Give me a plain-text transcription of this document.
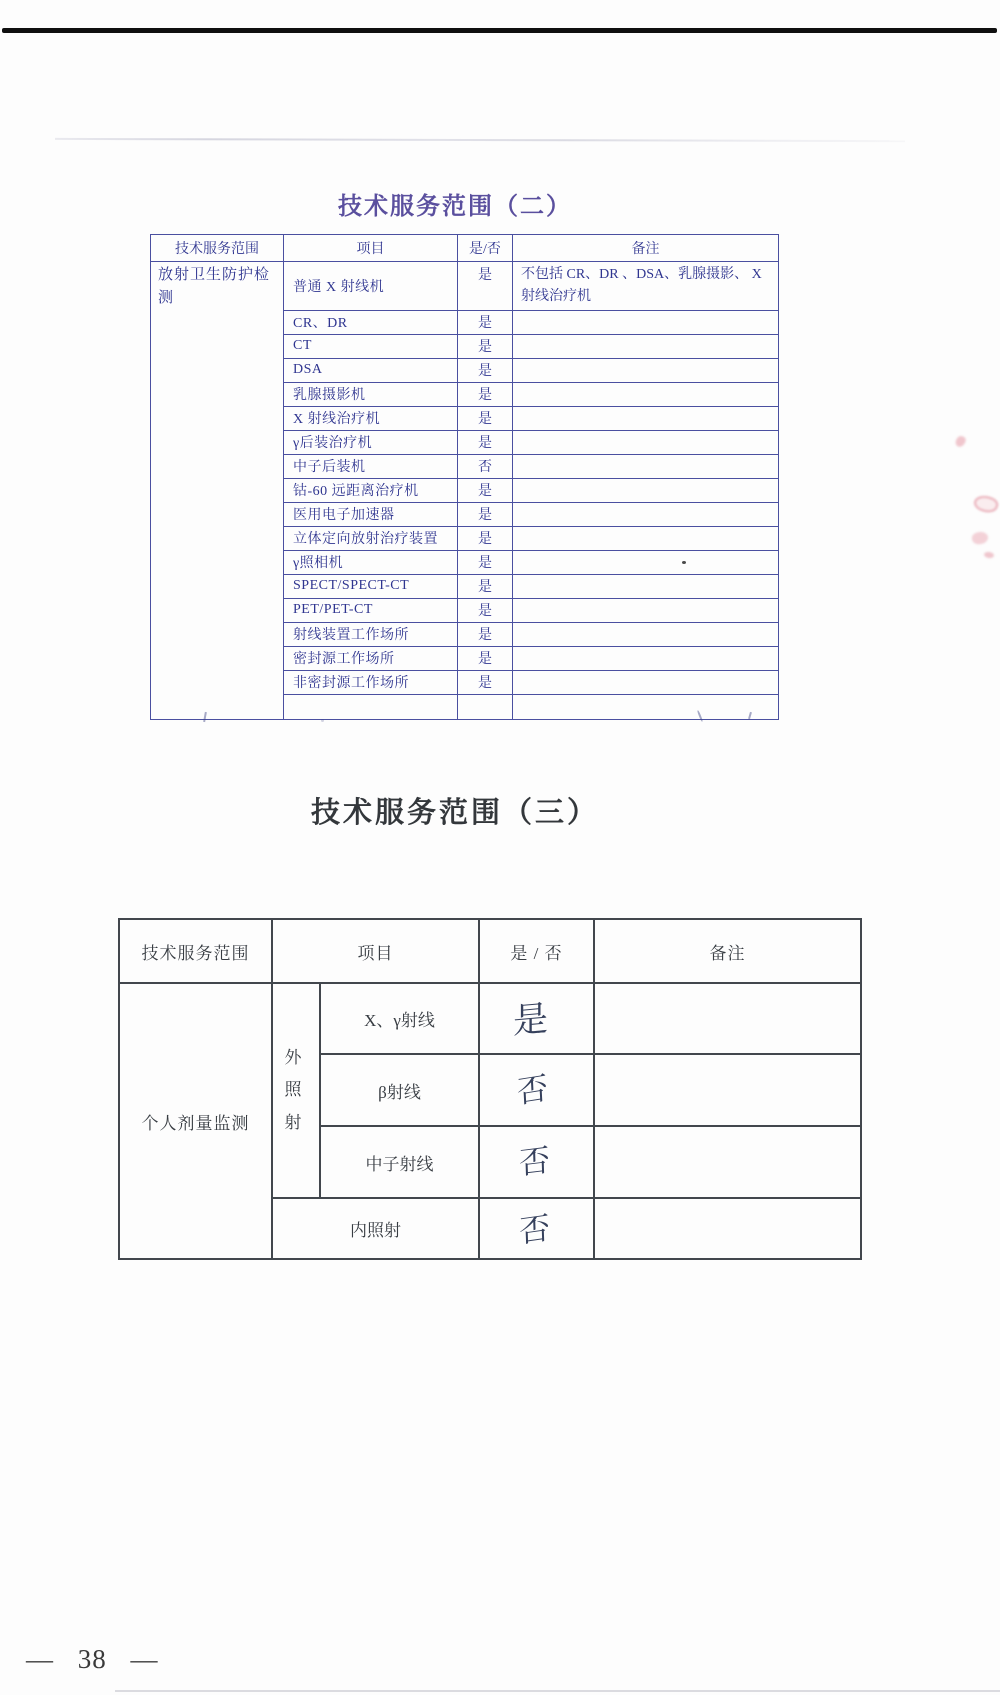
技术服务范围（二）
技术服务范围	项目	是/否	备注
放射卫生防护检测	普通 X 射线机	是	不包括 CR、DR 、DSA、乳腺摄影、 X 射线治疗机
	CR、DR	是	
	CT	是	
	DSA	是	
	乳腺摄影机	是	
	X 射线治疗机	是	
	γ后装治疗机	是	
	中子后装机	否	
	钴-60 远距离治疗机	是	
	医用电子加速器	是	
	立体定向放射治疗装置	是	
	γ照相机	是	
	SPECT/SPECT-CT	是	
	PET/PET-CT	是	
	射线装置工作场所	是	
	密封源工作场所	是	
	非密封源工作场所	是	

技术服务范围（三）
技术服务范围	项目		是 / 否	备注
个人剂量监测	外照射	X、γ射线	是	
		β射线	否	
		中子射线	否	
	内照射		否	
— 38 —
